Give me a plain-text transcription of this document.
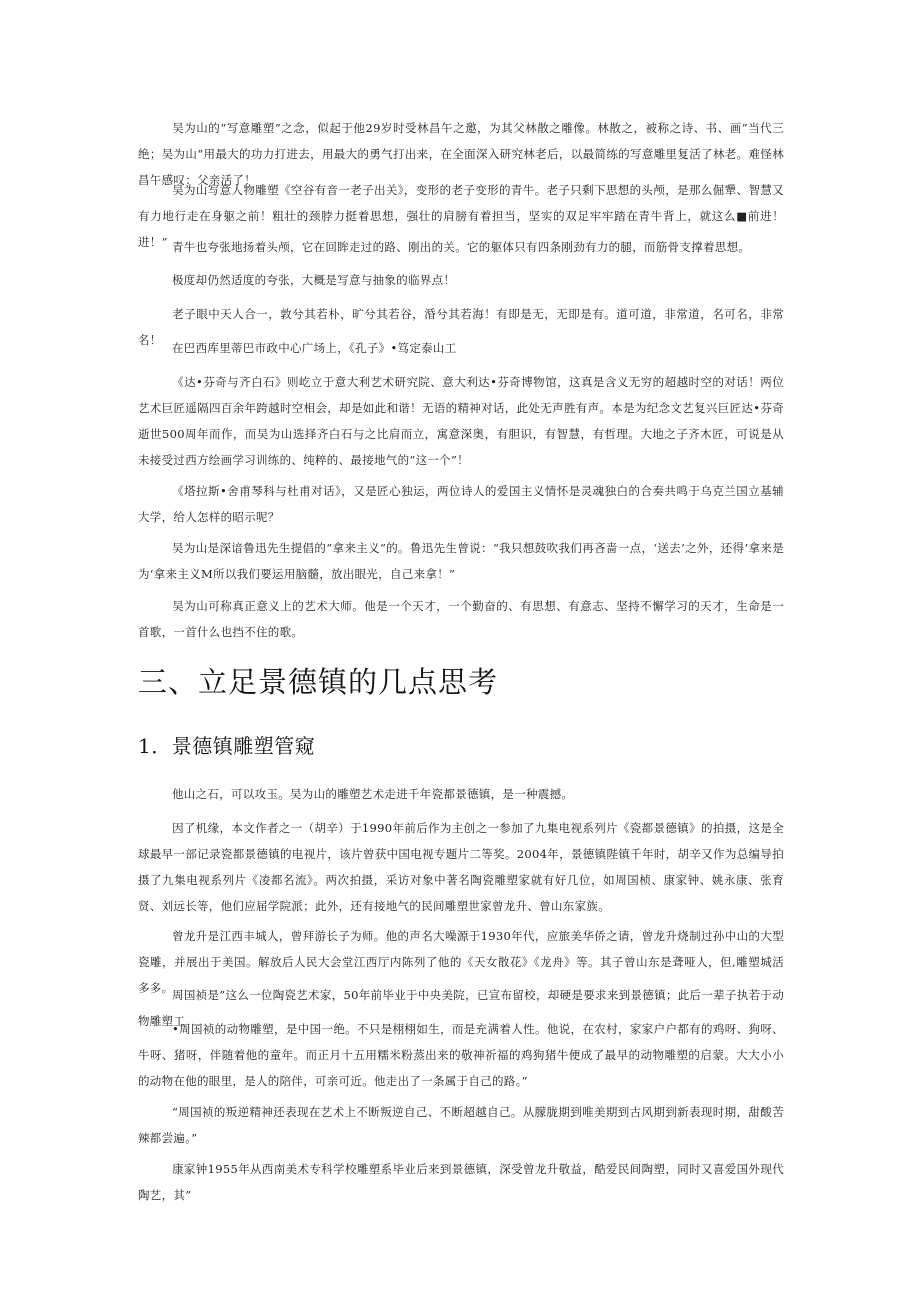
吴为山的“写意雕塑”之念，似起于他29岁时受林昌午之邀，为其父林散之雕像。林散之，被称之诗、书、画”当代三绝；吴为山“用最大的功力打进去，用最大的勇气打出来，在全面深入研究林老后，以最简练的写意雕里复活了林老。难怪林昌午感叹：父亲活了！
吴为山写意人物雕塑《空谷有音一老子出关》，变形的老子变形的青牛。老子只剩下思想的头颅，是那么倔犟、智慧又有力地行走在身躯之前！粗壮的颈脖力挺着思想，强壮的肩膀有着担当，坚实的双足牢牢踏在青牛背上，就这么■前进！进！” 青牛也夸张地扬着头颅，它在回眸走过的路、刚出的关。它的躯体只有四条刚劲有力的腿，而筋骨支撑着思想。
极度却仍然适度的夸张，大概是写意与抽象的临界点！
老子眼中天人合一，敦兮其若朴，旷兮其若谷，涽兮其若海！有即是无，无即是有。道可道，非常道，名可名，非常名！
在巴西库里蒂巴市政中心广场上，《孔子》•笃定泰山工
《达•芬奇与齐白石》则屹立于意大利艺术研究院、意大利达•芬奇博物馆，这真是含义无穷的超越时空的对话！两位艺术巨匠遥隔四百余年跨越时空相会，却是如此和谐！无语的精神对话，此处无声胜有声。本是为纪念文艺复兴巨匠达•芬奇逝世500周年而作，而吴为山选择齐白石与之比肩而立，寓意深奥，有胆识，有智慧，有哲理。大地之子齐木匠，可说是从未接受过西方绘画学习训练的、纯粹的、最接地气的“这一个”！
《塔拉斯•舍甫琴科与杜甫对话》，又是匠心独运，两位诗人的爱国主义情怀是灵魂独白的合奏共鸣于乌克兰国立基辅大学，给人怎样的昭示呢？
吴为山是深谙鲁迅先生提倡的“拿来主义”的。鲁迅先生曾说：“我只想鼓吹我们再吝啬一点，‘送去’之外，还得‘拿来是为‘拿来主义M所以我们要运用脑髓，放出眼光，自己来拿！”
吴为山可称真正意义上的艺术大师。他是一个天才，一个勤奋的、有思想、有意志、坚持不懈学习的天才，生命是一首歌，一首什么也挡不住的歌。
三、立足景德镇的几点思考
1．景德镇雕塑管窥
他山之石，可以攻玉。吴为山的雕塑艺术走进千年瓷都景德镇，是一种震撼。
因了机缘，本文作者之一（胡辛）于1990年前后作为主创之一参加了九集电视系列片《瓷都景德镇》的拍摄，这是全球最早一部记录瓷都景德镇的电视片，该片曾获中国电视专题片二等奖。2004年，景德镇陛镇千年时，胡辛又作为总编导拍摄了九集电视系列片《凌都名流》。两次拍摄，采访对象中著名陶瓷雕塑家就有好几位，如周国桢、康家钟、姚永康、张育贤、刘远长等，他们应届学院派；此外，还有接地气的民间雕塑世家曾龙升、曾山东家族。
曾龙升是江西丰城人，曾拜游长子为师。他的声名大噪源于1930年代，应旅美华侨之请，曾龙升烧制过孙中山的大型瓷雕，并展出于美国。解放后人民大会堂江西厅内陈列了他的《天女散花》《龙舟》等。其子曾山东是聋哑人，但,雕塑城活多多。
周国祯是”这么一位陶瓷艺术家，50年前毕业于中央美院，已宣布留校，却硬是要求来到景德镇；此后一辈子执若于动物雕塑工
•周国祯的动物雕塑，是中国一绝。不只是栩栩如生，而是充满着人性。他说，在农村，家家户户都有的鸡呀、狗呀、牛呀、猪呀，伴随着他的童年。而正月十五用糯米粉蒸出来的敬神祈福的鸡狗猪牛便成了最早的动物雕塑的启蒙。大大小小的动物在他的眼里，是人的陪伴，可亲可近。他走出了一条属于自己的路。”
“周国祯的叛逆精神还表现在艺术上不断叛逆自己、不断超越自己。从朦胧期到唯美期到古风期到新表现时期，甜酸苦辣都尝遍。”
康家钟1955年从西南美术专科学校雕塑系毕业后来到景德镇，深受曾龙升敬益，酷爱民间陶塑，同时又喜爱国外现代陶艺，其”
